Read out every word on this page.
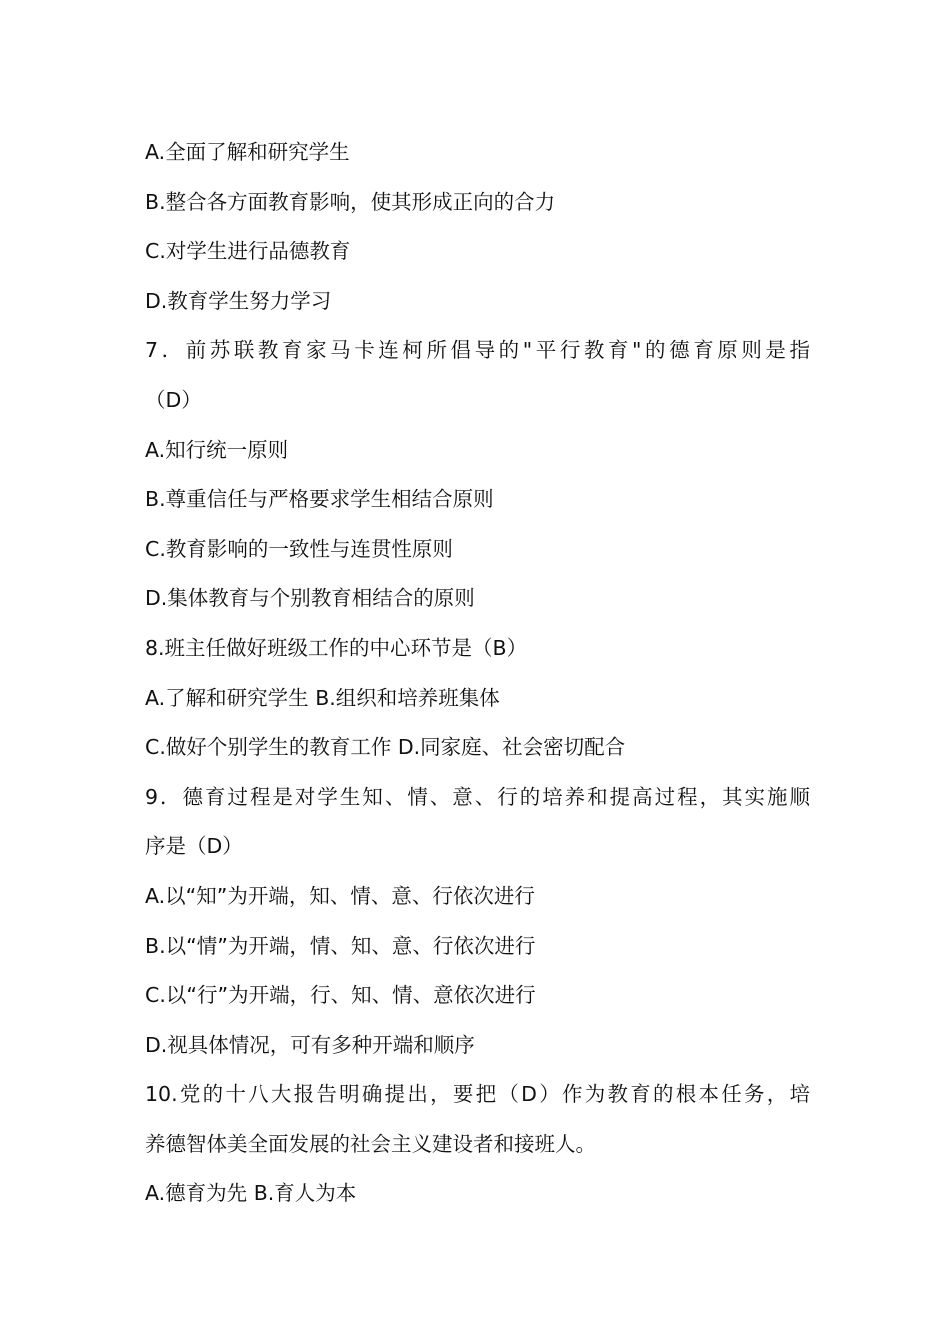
A.全面了解和研究学生
B.整合各方面教育影响，使其形成正向的合力
C.对学生进行品德教育
D.教育学生努力学习
7．前苏联教育家马卡连柯所倡导的"平行教育"的德育原则是指
（D）
A.知行统一原则
B.尊重信任与严格要求学生相结合原则
C.教育影响的一致性与连贯性原则
D.集体教育与个别教育相结合的原则
8.班主任做好班级工作的中心环节是（B）
A.了解和研究学生 B.组织和培养班集体
C.做好个别学生的教育工作 D.同家庭、社会密切配合
9．德育过程是对学生知、情、意、行的培养和提高过程，其实施顺
序是（D）
A.以“知”为开端，知、情、意、行依次进行
B.以“情”为开端，情、知、意、行依次进行
C.以“行”为开端，行、知、情、意依次进行
D.视具体情况，可有多种开端和顺序
10.党的十八大报告明确提出，要把（D）作为教育的根本任务，培
养德智体美全面发展的社会主义建设者和接班人。
A.德育为先 B.育人为本
